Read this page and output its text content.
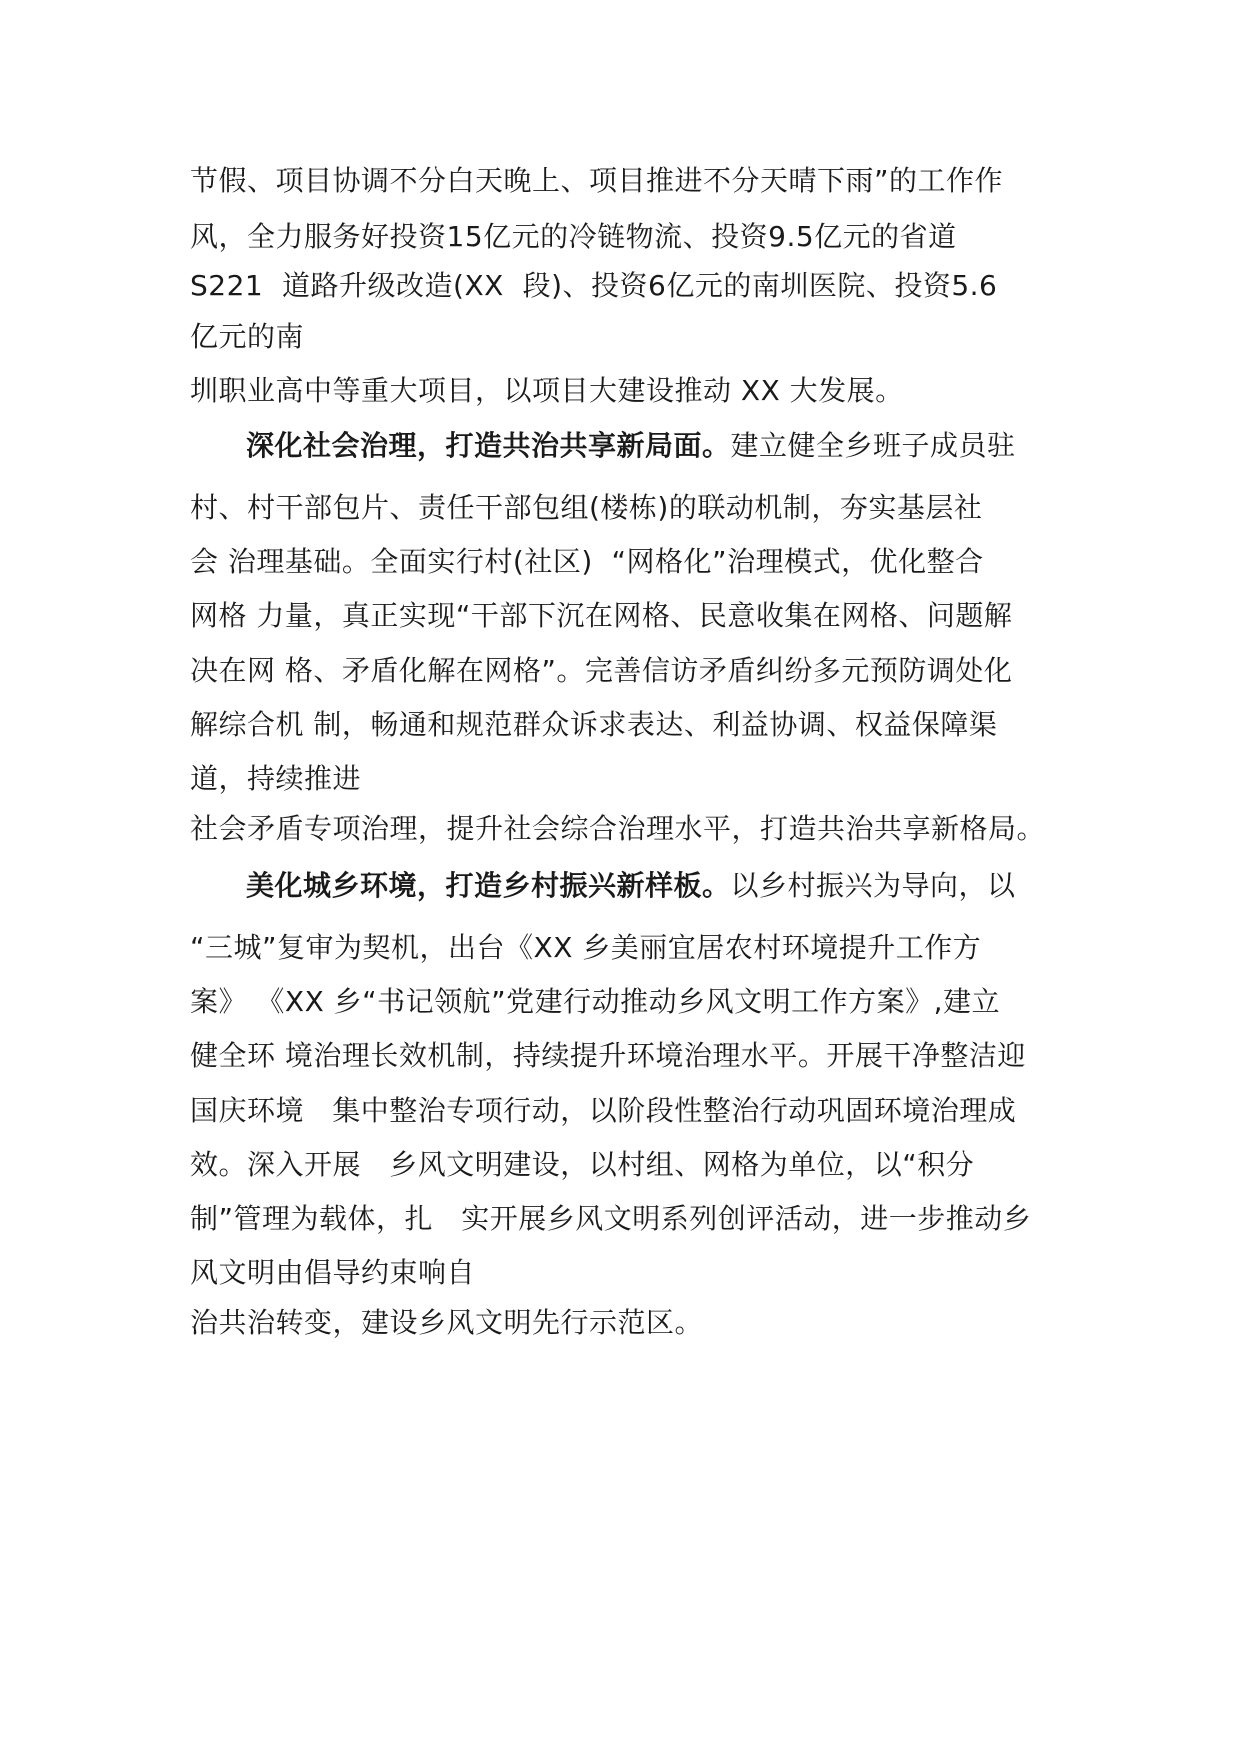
节假、项目协调不分白天晚上、项目推进不分天晴下雨”的工作作
风，全力服务好投资15亿元的冷链物流、投资9.5亿元的省道
S221  道路升级改造(XX  段)、投资6亿元的南圳医院、投资5.6
亿元的南
圳职业高中等重大项目，以项目大建设推动 XX 大发展。
深化社会治理，打造共治共享新局面。建立健全乡班子成员驻
村、村干部包片、责任干部包组(楼栋)的联动机制，夯实基层社
会 治理基础。全面实行村(社区)  “网格化”治理模式，优化整合
网格 力量，真正实现“干部下沉在网格、民意收集在网格、问题解
决在网 格、矛盾化解在网格”。完善信访矛盾纠纷多元预防调处化
解综合机 制，畅通和规范群众诉求表达、利益协调、权益保障渠
道，持续推进
社会矛盾专项治理，提升社会综合治理水平，打造共治共享新格局。
美化城乡环境，打造乡村振兴新样板。以乡村振兴为导向，以
“三城”复审为契机，出台《XX 乡美丽宜居农村环境提升工作方
案》 《XX 乡“书记领航”党建行动推动乡风文明工作方案》,建立
健全环 境治理长效机制，持续提升环境治理水平。开展干净整洁迎
国庆环境   集中整治专项行动，以阶段性整治行动巩固环境治理成
效。深入开展   乡风文明建设，以村组、网格为单位，以“积分
制”管理为载体，扎   实开展乡风文明系列创评活动，进一步推动乡
风文明由倡导约束响自
治共治转变，建设乡风文明先行示范区。
